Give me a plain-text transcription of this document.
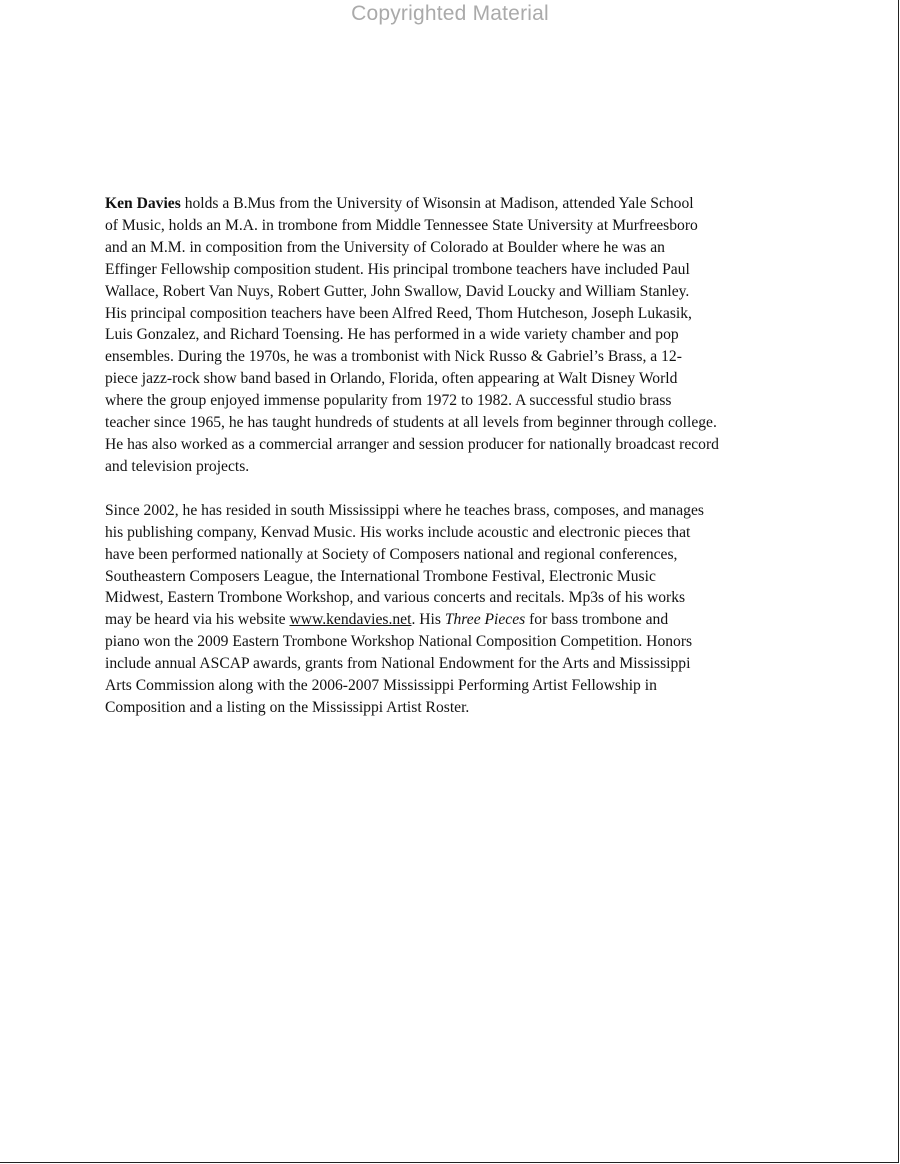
Copyrighted Material

Ken Davies holds a B.Mus from the University of Wisonsin at Madison, attended Yale School
of Music, holds an M.A. in trombone from Middle Tennessee State University at Murfreesboro
and an M.M. in composition from the University of Colorado at Boulder where he was an
Effinger Fellowship composition student. His principal trombone teachers have included Paul
Wallace, Robert Van Nuys, Robert Gutter, John Swallow, David Loucky and William Stanley.
His principal composition teachers have been Alfred Reed, Thom Hutcheson, Joseph Lukasik,
Luis Gonzalez, and Richard Toensing. He has performed in a wide variety chamber and pop
ensembles. During the 1970s, he was a trombonist with Nick Russo & Gabriel’s Brass, a 12-
piece jazz-rock show band based in Orlando, Florida, often appearing at Walt Disney World
where the group enjoyed immense popularity from 1972 to 1982. A successful studio brass
teacher since 1965, he has taught hundreds of students at all levels from beginner through college.
He has also worked as a commercial arranger and session producer for nationally broadcast record
and television projects.

Since 2002, he has resided in south Mississippi where he teaches brass, composes, and manages
his publishing company, Kenvad Music. His works include acoustic and electronic pieces that
have been performed nationally at Society of Composers national and regional conferences,
Southeastern Composers League, the International Trombone Festival, Electronic Music
Midwest, Eastern Trombone Workshop, and various concerts and recitals. Mp3s of his works
may be heard via his website www.kendavies.net. His Three Pieces for bass trombone and
piano won the 2009 Eastern Trombone Workshop National Composition Competition. Honors
include annual ASCAP awards, grants from National Endowment for the Arts and Mississippi
Arts Commission along with the 2006-2007 Mississippi Performing Artist Fellowship in
Composition and a listing on the Mississippi Artist Roster.
